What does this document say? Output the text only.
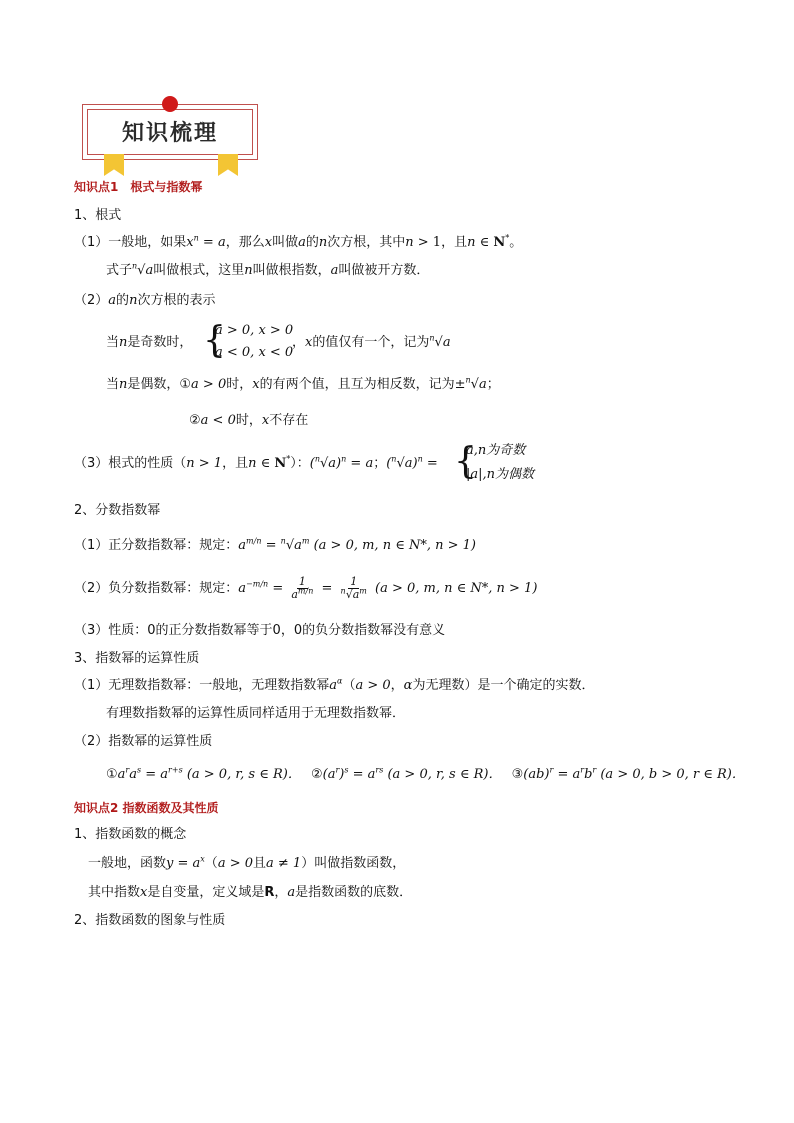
知识梳理
知识点1　根式与指数幂
1、根式
（1）一般地，如果$x^n = a$，那么x叫做a的n次方根，其中n > 1，且n ∈ N*。
式子$^n$√a叫做根式，这里n叫做根指数，a叫做被开方数．
（2）a的n次方根的表示
当n是奇数时， {
a > 0, x > 0
a < 0, x < 0
，x的值仅有一个，记为$^n$√a
当n是偶数，①a > 0时，x的有两个值，且互为相反数，记为±$^n$√a；
②a < 0时，x不存在
（3）根式的性质（n > 1，且n ∈ N*）：$(^n√a)^n = a$；$(^n√a)^n$ = {
a,n为奇数
|a|,n为偶数
2、分数指数幂
（1）正分数指数幂：规定：$a^{m/n} = ^n√a^m$ (a > 0, m, n ∈ N*, n > 1)
（2）负分数指数幂：规定：$a^{-m/n} = \frac{1}{a^{m/n}} = \frac{1}{^n√a^m} (a > 0$, m, n ∈ N*, n > 1)
（3）性质：0的正分数指数幂等于0，0的负分数指数幂没有意义
3、指数幂的运算性质
（1）无理数指数幂：一般地，无理数指数幂$a^\alpha(a > 0$，α为无理数）是一个确定的实数．
有理数指数幂的运算性质同样适用于无理数指数幂．
（2）指数幂的运算性质
$①a^ra^s = a^{r+s}$ (a > 0, r, s ∈ R)． $②(a^r)^s = a^{rs}$ (a > 0, r, s ∈ R)． ③(ab)$^r$ = $a^rb^r$ (a > 0, b > 0, r ∈ R)．
知识点2 指数函数及其性质
1、指数函数的概念
一般地，函数$y = a^x(a > 0$且a ≠ 1）叫做指数函数，
其中指数x是自变量，定义域是R，a是指数函数的底数．
2、指数函数的图象与性质
